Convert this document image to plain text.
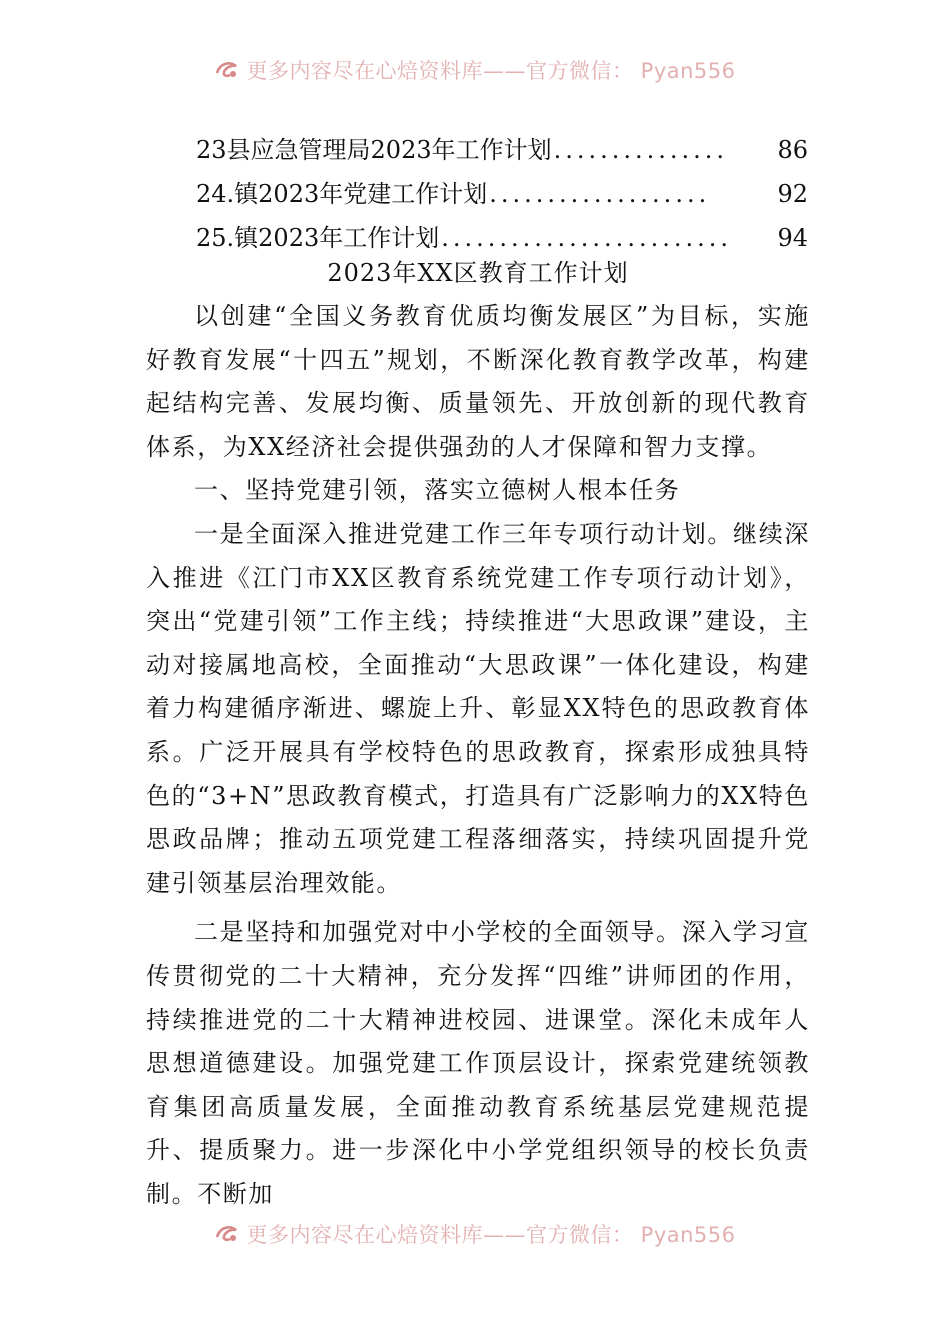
更多内容尽在心焙资料库——官方微信： Pyan556
23县应急管理局2023年工作计划 ...............	86
24.镇2023年党建工作计划 ...................	92
25.镇2023年工作计划 .........................	94
2023年XX区教育工作计划

以创建“全国义务教育优质均衡发展区”为目标，实施好教育发展“十四五”规划，不断深化教育教学改革，构建起结构完善、发展均衡、质量领先、开放创新的现代教育体系，为XX经济社会提供强劲的人才保障和智力支撑。

一、坚持党建引领，落实立德树人根本任务

一是全面深入推进党建工作三年专项行动计划。继续深入推进《江门市XX区教育系统党建工作专项行动计划》，突出“党建引领”工作主线；持续推进“大思政课”建设，主动对接属地高校，全面推动“大思政课”一体化建设，构建着力构建循序渐进、螺旋上升、彰显XX特色的思政教育体系。广泛开展具有学校特色的思政教育，探索形成独具特色的“3+N”思政教育模式，打造具有广泛影响力的XX特色思政品牌；推动五项党建工程落细落实，持续巩固提升党建引领基层治理效能。

二是坚持和加强党对中小学校的全面领导。深入学习宣传贯彻党的二十大精神，充分发挥“四维”讲师团的作用，持续推进党的二十大精神进校园、进课堂。深化未成年人思想道德建设。加强党建工作顶层设计，探索党建统领教育集团高质量发展，全面推动教育系统基层党建规范提升、提质聚力。进一步深化中小学党组织领导的校长负责制。不断加

更多内容尽在心焙资料库——官方微信： Pyan556
